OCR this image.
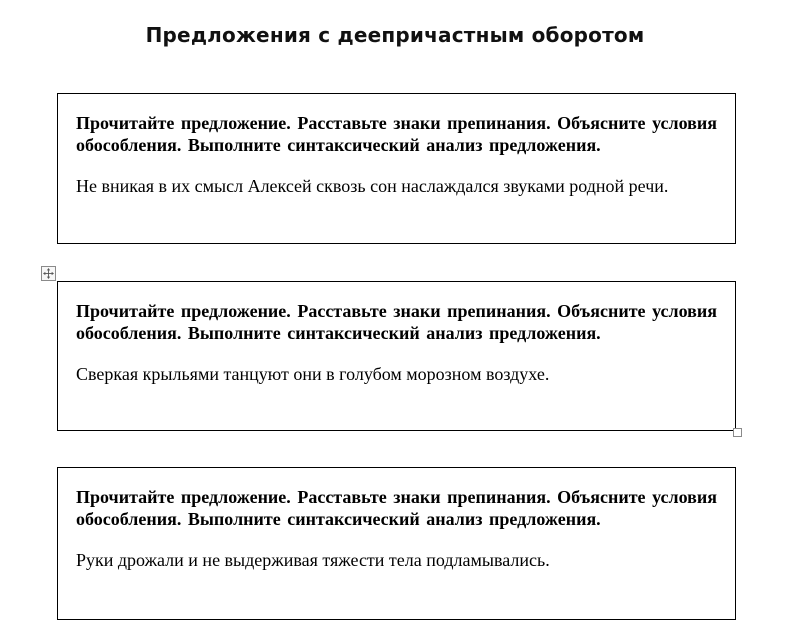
Предложения с деепричастным оборотом

Прочитайте предложение. Расставьте знаки препинания. Объясните условия обособления. Выполните синтаксический анализ предложения.

Не вникая в их смысл Алексей сквозь сон наслаждался звуками родной речи.

Прочитайте предложение. Расставьте знаки препинания. Объясните условия обособления. Выполните синтаксический анализ предложения.

Сверкая крыльями танцуют они в голубом морозном воздухе.

Прочитайте предложение. Расставьте знаки препинания. Объясните условия обособления. Выполните синтаксический анализ предложения.

Руки дрожали и не выдерживая тяжести тела подламывались.
